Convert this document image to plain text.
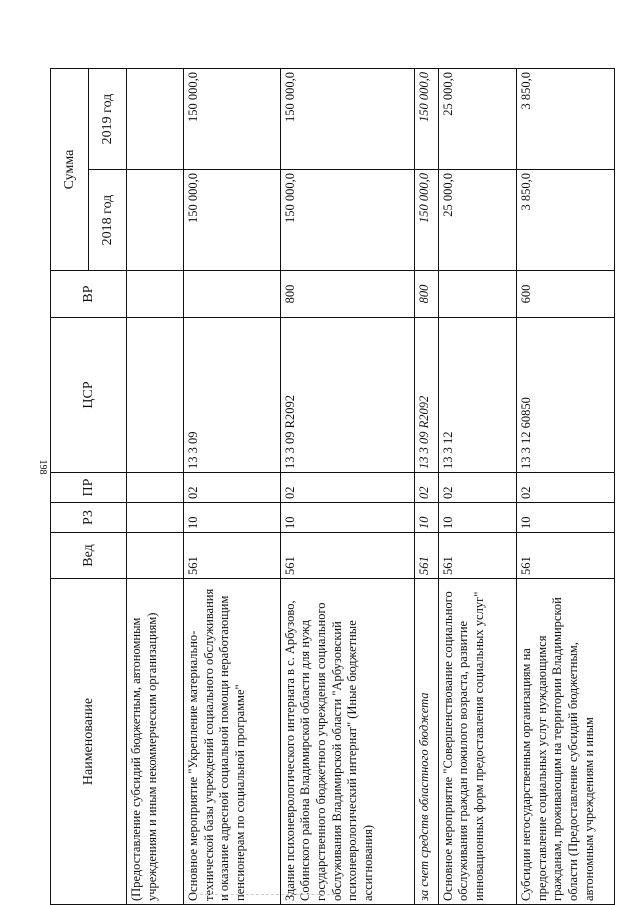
198
Наименование	Вед	РЗ	ПР	ЦСР	ВР	Сумма	
						2018 год	2019 год
(Предоставление субсидий бюджетным, автономным учреждениям и иным некоммерческим организациям)							
Основное мероприятие "Укрепление материально-технической базы учреждений социального обслуживания и оказание адресной социальной помощи неработающим пенсионерам по социальной программе"	561	10	02	13 3 09		150 000,0	150 000,0
Здание психоневрологического интерната в с. Арбузово, Собинского района Владимирской области для нужд государственного бюджетного учреждения социального обслуживания Владимирской области "Арбузовский психоневрологический интернат" (Иные бюджетные ассигнования)	561	10	02	13 3 09 R2092	800	150 000,0	150 000,0
за счет средств областного бюджета	561	10	02	13 3 09 R2092	800	150 000,0	150 000,0
Основное мероприятие "Совершенствование социального обслуживания граждан пожилого возраста, развитие инновационных форм предоставления социальных услуг"	561	10	02	13 3 12		25 000,0	25 000,0
Субсидии негосударственным организациям на предоставление социальных услуг нуждающимся гражданам, проживающим на территории Владимирской области (Предоставление субсидий бюджетным, автономным учреждениям и иным	561	10	02	13 3 12 60850	600	3 850,0	3 850,0
